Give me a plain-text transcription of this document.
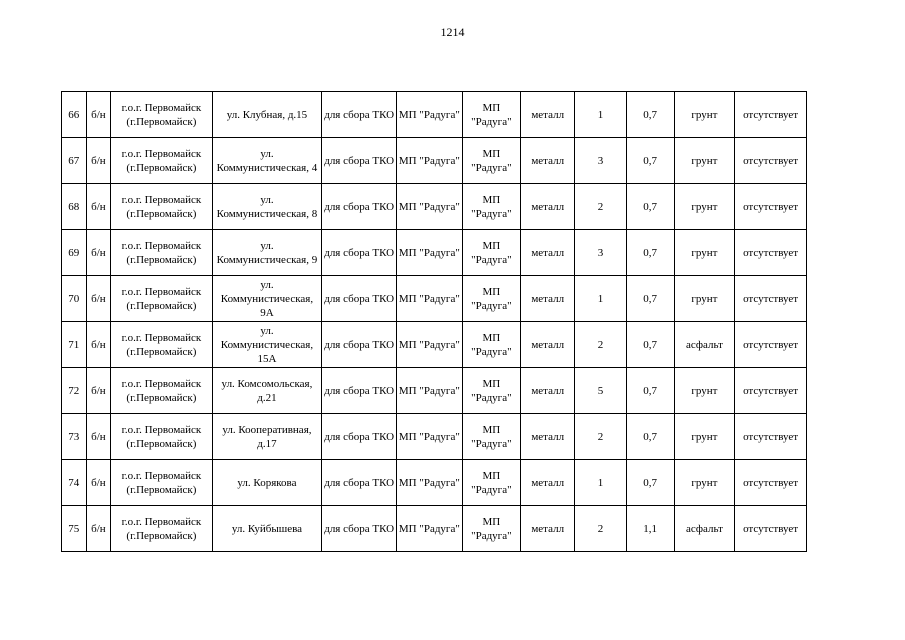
1214
66	б/н	г.о.г. Первомайск (г.Первомайск)	ул. Клубная, д.15	для сбора ТКО	МП "Радуга"	МП "Радуга"	металл	1	0,7	грунт	отсутствует
67	б/н	г.о.г. Первомайск (г.Первомайск)	ул. Коммунистическая, 4	для сбора ТКО	МП "Радуга"	МП "Радуга"	металл	3	0,7	грунт	отсутствует
68	б/н	г.о.г. Первомайск (г.Первомайск)	ул. Коммунистическая, 8	для сбора ТКО	МП "Радуга"	МП "Радуга"	металл	2	0,7	грунт	отсутствует
69	б/н	г.о.г. Первомайск (г.Первомайск)	ул. Коммунистическая, 9	для сбора ТКО	МП "Радуга"	МП "Радуга"	металл	3	0,7	грунт	отсутствует
70	б/н	г.о.г. Первомайск (г.Первомайск)	ул. Коммунистическая, 9А	для сбора ТКО	МП "Радуга"	МП "Радуга"	металл	1	0,7	грунт	отсутствует
71	б/н	г.о.г. Первомайск (г.Первомайск)	ул. Коммунистическая, 15А	для сбора ТКО	МП "Радуга"	МП "Радуга"	металл	2	0,7	асфальт	отсутствует
72	б/н	г.о.г. Первомайск (г.Первомайск)	ул. Комсомольская, д.21	для сбора ТКО	МП "Радуга"	МП "Радуга"	металл	5	0,7	грунт	отсутствует
73	б/н	г.о.г. Первомайск (г.Первомайск)	ул. Кооперативная, д.17	для сбора ТКО	МП "Радуга"	МП "Радуга"	металл	2	0,7	грунт	отсутствует
74	б/н	г.о.г. Первомайск (г.Первомайск)	ул. Корякова	для сбора ТКО	МП "Радуга"	МП "Радуга"	металл	1	0,7	грунт	отсутствует
75	б/н	г.о.г. Первомайск (г.Первомайск)	ул. Куйбышева	для сбора ТКО	МП "Радуга"	МП "Радуга"	металл	2	1,1	асфальт	отсутствует
